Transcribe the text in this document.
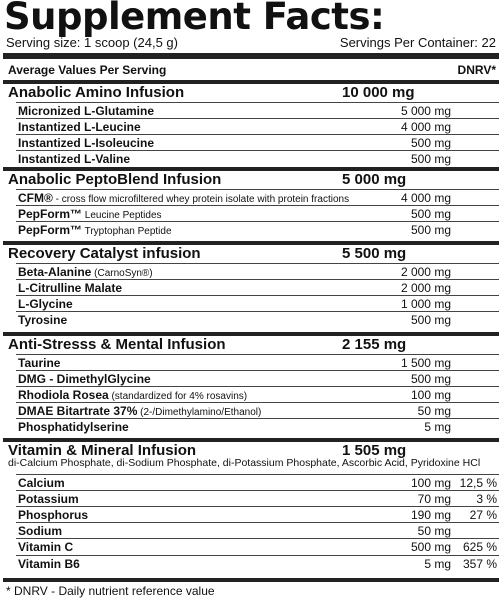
Supplement Facts:
Serving size: 1 scoop (24,5 g)	Servings Per Container: 22
Average Values Per Serving	DNRV*
Anabolic Amino Infusion	10 000 mg
Micronized L-Glutamine	5 000 mg
Instantized L-Leucine	4 000 mg
Instantized L-Isoleucine	500 mg
Instantized L-Valine	500 mg
Anabolic PeptoBlend Infusion	5 000 mg
CFM® - cross flow microfiltered whey protein isolate with protein fractions	4 000 mg
PepForm™ Leucine Peptides	500 mg
PepForm™ Tryptophan Peptide	500 mg
Recovery Catalyst infusion	5 500 mg
Beta-Alanine (CarnoSyn®)	2 000 mg
L-Citrulline Malate	2 000 mg
L-Glycine	1 000 mg
Tyrosine	500 mg
Anti-Stresss & Mental Infusion	2 155 mg
Taurine	1 500 mg
DMG - DimethylGlycine	500 mg
Rhodiola Rosea (standardized for 4% rosavins)	100 mg
DMAE Bitartrate 37% (2-/Dimethylamino/Ethanol)	50 mg
Phosphatidylserine	5 mg
Vitamin & Mineral Infusion	1 505 mg
di-Calcium Phosphate, di-Sodium Phosphate, di-Potassium Phosphate, Ascorbic Acid, Pyridoxine HCl
Calcium	100 mg 12,5 %
Potassium	70 mg 3 %
Phosphorus	190 mg 27 %
Sodium	50 mg
Vitamin C	500 mg 625 %
Vitamin B6	5 mg 357 %
* DNRV - Daily nutrient reference value
